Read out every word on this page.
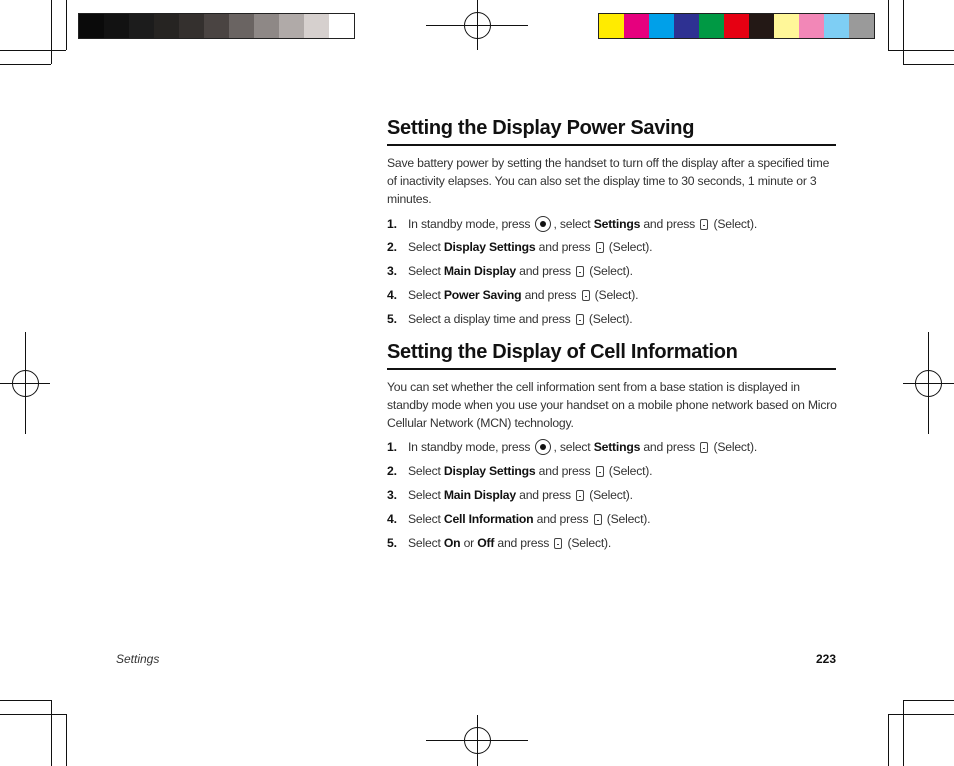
Setting the Display Power Saving
Save battery power by setting the handset to turn off the display after a specified time of inactivity elapses. You can also set the display time to 30 seconds, 1 minute or 3 minutes.
1. In standby mode, press , select Settings and press  (Select).
2. Select Display Settings and press  (Select).
3. Select Main Display and press  (Select).
4. Select Power Saving and press  (Select).
5. Select a display time and press  (Select).
Setting the Display of Cell Information
You can set whether the cell information sent from a base station is displayed in standby mode when you use your handset on a mobile phone network based on Micro Cellular Network (MCN) technology.
1. In standby mode, press , select Settings and press  (Select).
2. Select Display Settings and press  (Select).
3. Select Main Display and press  (Select).
4. Select Cell Information and press  (Select).
5. Select On or Off and press  (Select).
Settings	223
